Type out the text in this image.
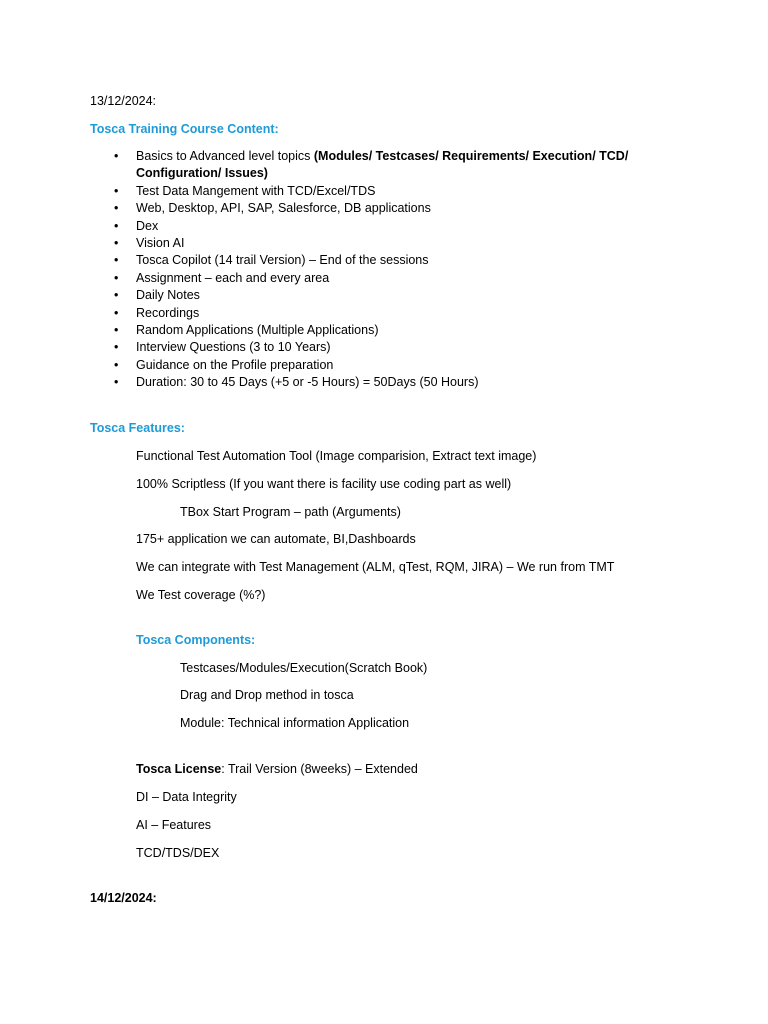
13/12/2024:
Tosca Training Course Content:
• Basics to Advanced level topics (Modules/ Testcases/ Requirements/ Execution/ TCD/ Configuration/ Issues)
• Test Data Mangement with TCD/Excel/TDS
• Web, Desktop, API, SAP, Salesforce, DB applications
• Dex
• Vision AI
• Tosca Copilot (14 trail Version) – End of the sessions
• Assignment – each and every area
• Daily Notes
• Recordings
• Random Applications (Multiple Applications)
• Interview Questions (3 to 10 Years)
• Guidance on the Profile preparation
• Duration: 30 to 45 Days (+5 or -5 Hours) = 50Days (50 Hours)
Tosca Features:
Functional Test Automation Tool (Image comparision, Extract text image)
100% Scriptless (If you want there is facility use coding part as well)
TBox Start Program – path (Arguments)
175+ application we can automate, BI,Dashboards
We can integrate with Test Management (ALM, qTest, RQM, JIRA) – We run from TMT
We Test coverage (%?)
Tosca Components:
Testcases/Modules/Execution(Scratch Book)
Drag and Drop method in tosca
Module: Technical information Application
Tosca License: Trail Version (8weeks) – Extended
DI – Data Integrity
AI – Features
TCD/TDS/DEX
14/12/2024:
